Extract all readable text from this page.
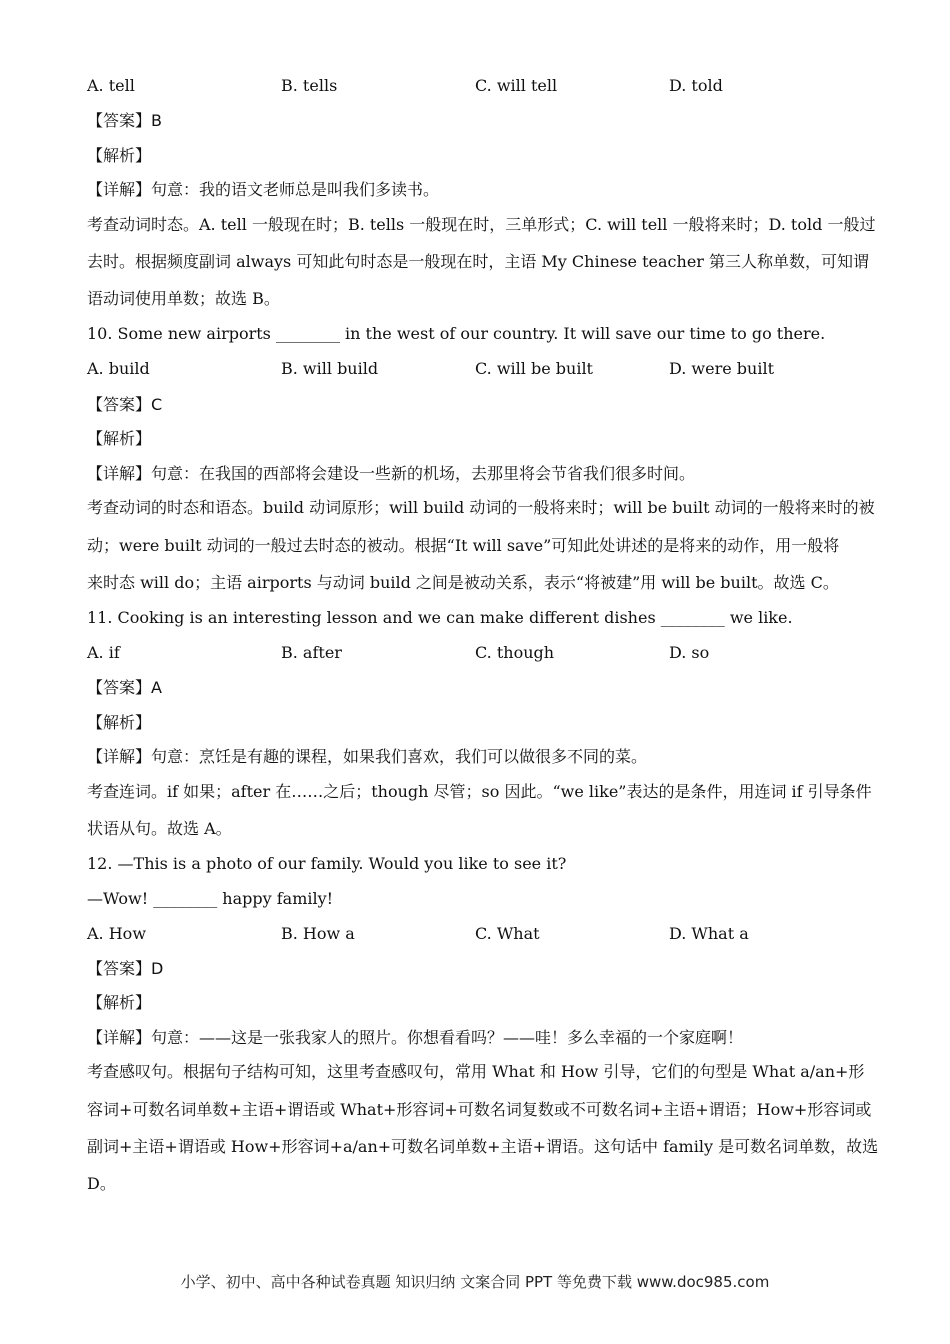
A. tell	B. tells	C. will tell	D. told
【答案】B
【解析】
【详解】句意：我的语文老师总是叫我们多读书。
考查动词时态。A. tell 一般现在时；B. tells 一般现在时，三单形式；C. will tell 一般将来时；D. told 一般过
去时。根据频度副词 always 可知此句时态是一般现在时，主语 My Chinese teacher 第三人称单数，可知谓
语动词使用单数；故选 B。
10. Some new airports ________ in the west of our country. It will save our time to go there.
A. build	B. will build	C. will be built	D. were built
【答案】C
【解析】
【详解】句意：在我国的西部将会建设一些新的机场，去那里将会节省我们很多时间。
考查动词的时态和语态。build 动词原形；will build 动词的一般将来时；will be built 动词的一般将来时的被
动；were built 动词的一般过去时态的被动。根据“It will save”可知此处讲述的是将来的动作，用一般将
来时态 will do；主语 airports 与动词 build 之间是被动关系，表示“将被建”用 will be built。故选 C。
11. Cooking is an interesting lesson and we can make different dishes ________ we like.
A. if	B. after	C. though	D. so
【答案】A
【解析】
【详解】句意：烹饪是有趣的课程，如果我们喜欢，我们可以做很多不同的菜。
考查连词。if 如果；after 在……之后；though 尽管；so 因此。“we like”表达的是条件，用连词 if 引导条件
状语从句。故选 A。
12. —This is a photo of our family. Would you like to see it?
—Wow! ________ happy family!
A. How	B. How a	C. What	D. What a
【答案】D
【解析】
【详解】句意：——这是一张我家人的照片。你想看看吗？——哇！多么幸福的一个家庭啊！
考查感叹句。根据句子结构可知，这里考查感叹句，常用 What 和 How 引导，它们的句型是 What a/an+形
容词+可数名词单数+主语+谓语或 What+形容词+可数名词复数或不可数名词+主语+谓语；How+形容词或
副词+主语+谓语或 How+形容词+a/an+可数名词单数+主语+谓语。这句话中 family 是可数名词单数，故选
D。
小学、初中、高中各种试卷真题 知识归纳 文案合同 PPT 等免费下载 www.doc985.com
